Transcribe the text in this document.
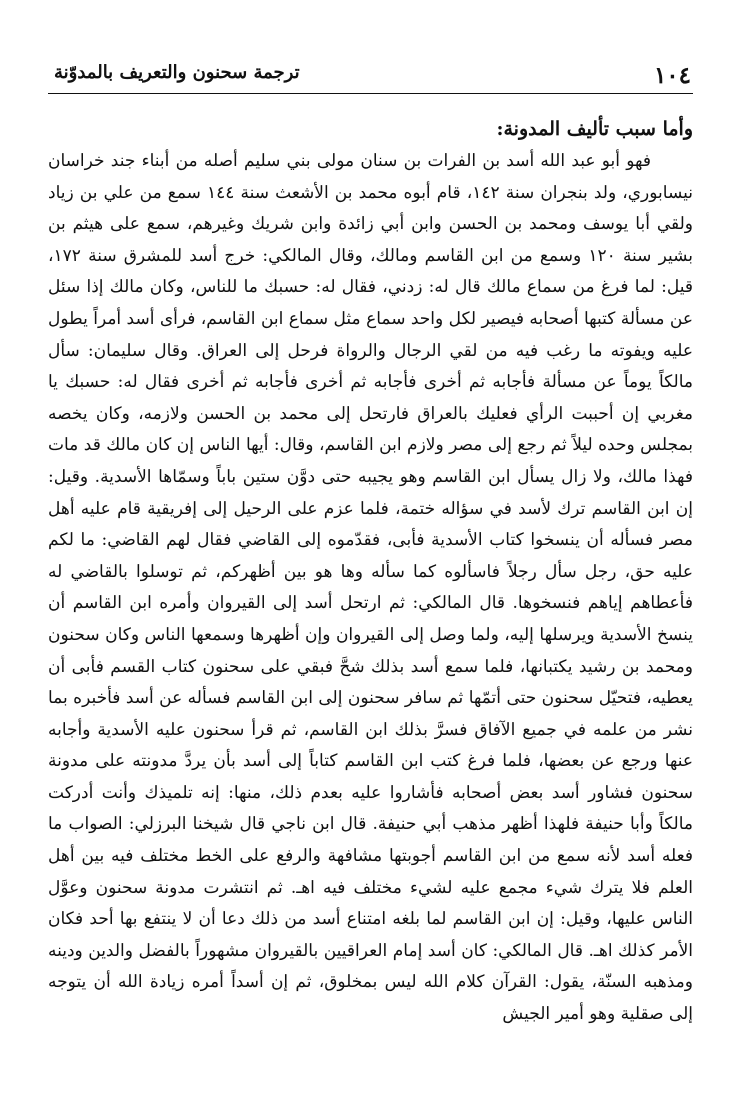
١٠٤
ترجمة سحنون والتعريف بالمدوّنة
وأما سبب تأليف المدونة:

فهو أبو عبد الله أسد بن الفرات بن سنان مولى بني سليم أصله من أبناء جند خراسان نيسابوري، ولد بنجران سنة ١٤٢، قام أبوه محمد بن الأشعث سنة ١٤٤ سمع من علي بن زياد ولقي أبا يوسف ومحمد بن الحسن وابن أبي زائدة وابن شريك وغيرهم، سمع على هيثم بن بشير سنة ١٢٠ وسمع من ابن القاسم ومالك، وقال المالكي: خرج أسد للمشرق سنة ١٧٢، قيل: لما فرغ من سماع مالك قال له: زدني، فقال له: حسبك ما للناس، وكان مالك إذا سئل عن مسألة كتبها أصحابه فيصير لكل واحد سماع مثل سماع ابن القاسم، فرأى أسد أمراً يطول عليه ويفوته ما رغب فيه من لقي الرجال والرواة فرحل إلى العراق. وقال سليمان: سأل مالكاً يوماً عن مسألة فأجابه ثم أخرى فأجابه ثم أخرى فأجابه ثم أخرى فقال له: حسبك يا مغربي إن أحببت الرأي فعليك بالعراق فارتحل إلى محمد بن الحسن ولازمه، وكان يخصه بمجلس وحده ليلاً ثم رجع إلى مصر ولازم ابن القاسم، وقال: أيها الناس إن كان مالك قد مات فهذا مالك، ولا زال يسأل ابن القاسم وهو يجيبه حتى دوَّن ستين باباً وسمّاها الأسدية. وقيل: إن ابن القاسم ترك لأسد في سؤاله ختمة، فلما عزم على الرحيل إلى إفريقية قام عليه أهل مصر فسأله أن ينسخوا كتاب الأسدية فأبى، فقدّموه إلى القاضي فقال لهم القاضي: ما لكم عليه حق، رجل سأل رجلاً فاسألوه كما سأله وها هو بين أظهركم، ثم توسلوا بالقاضي له فأعطاهم إياهم فنسخوها. قال المالكي: ثم ارتحل أسد إلى القيروان وأمره ابن القاسم أن ينسخ الأسدية ويرسلها إليه، ولما وصل إلى القيروان وإن أظهرها وسمعها الناس وكان سحنون ومحمد بن رشيد يكتبانها، فلما سمع أسد بذلك شحَّ فبقي على سحنون كتاب القسم فأبى أن يعطيه، فتحيّل سحنون حتى أتمّها ثم سافر سحنون إلى ابن القاسم فسأله عن أسد فأخبره بما نشر من علمه في جميع الآفاق فسرَّ بذلك ابن القاسم، ثم قرأ سحنون عليه الأسدية وأجابه عنها ورجع عن بعضها، فلما فرغ كتب ابن القاسم كتاباً إلى أسد بأن يردَّ مدونته على مدونة سحنون فشاور أسد بعض أصحابه فأشاروا عليه بعدم ذلك، منها: إنه تلميذك وأنت أدركت مالكاً وأبا حنيفة فلهذا أظهر مذهب أبي حنيفة. قال ابن ناجي قال شيخنا البرزلي: الصواب ما فعله أسد لأنه سمع من ابن القاسم أجوبتها مشافهة والرفع على الخط مختلف فيه بين أهل العلم فلا يترك شيء مجمع عليه لشيء مختلف فيه اهـ. ثم انتشرت مدونة سحنون وعوَّل الناس عليها، وقيل: إن ابن القاسم لما بلغه امتناع أسد من ذلك دعا أن لا ينتفع بها أحد فكان الأمر كذلك اهـ. قال المالكي: كان أسد إمام العراقيين بالقيروان مشهوراً بالفضل والدين ودينه ومذهبه السنّة، يقول: القرآن كلام الله ليس بمخلوق، ثم إن أسداً أمره زيادة الله أن يتوجه إلى صقلية وهو أمير الجيش
